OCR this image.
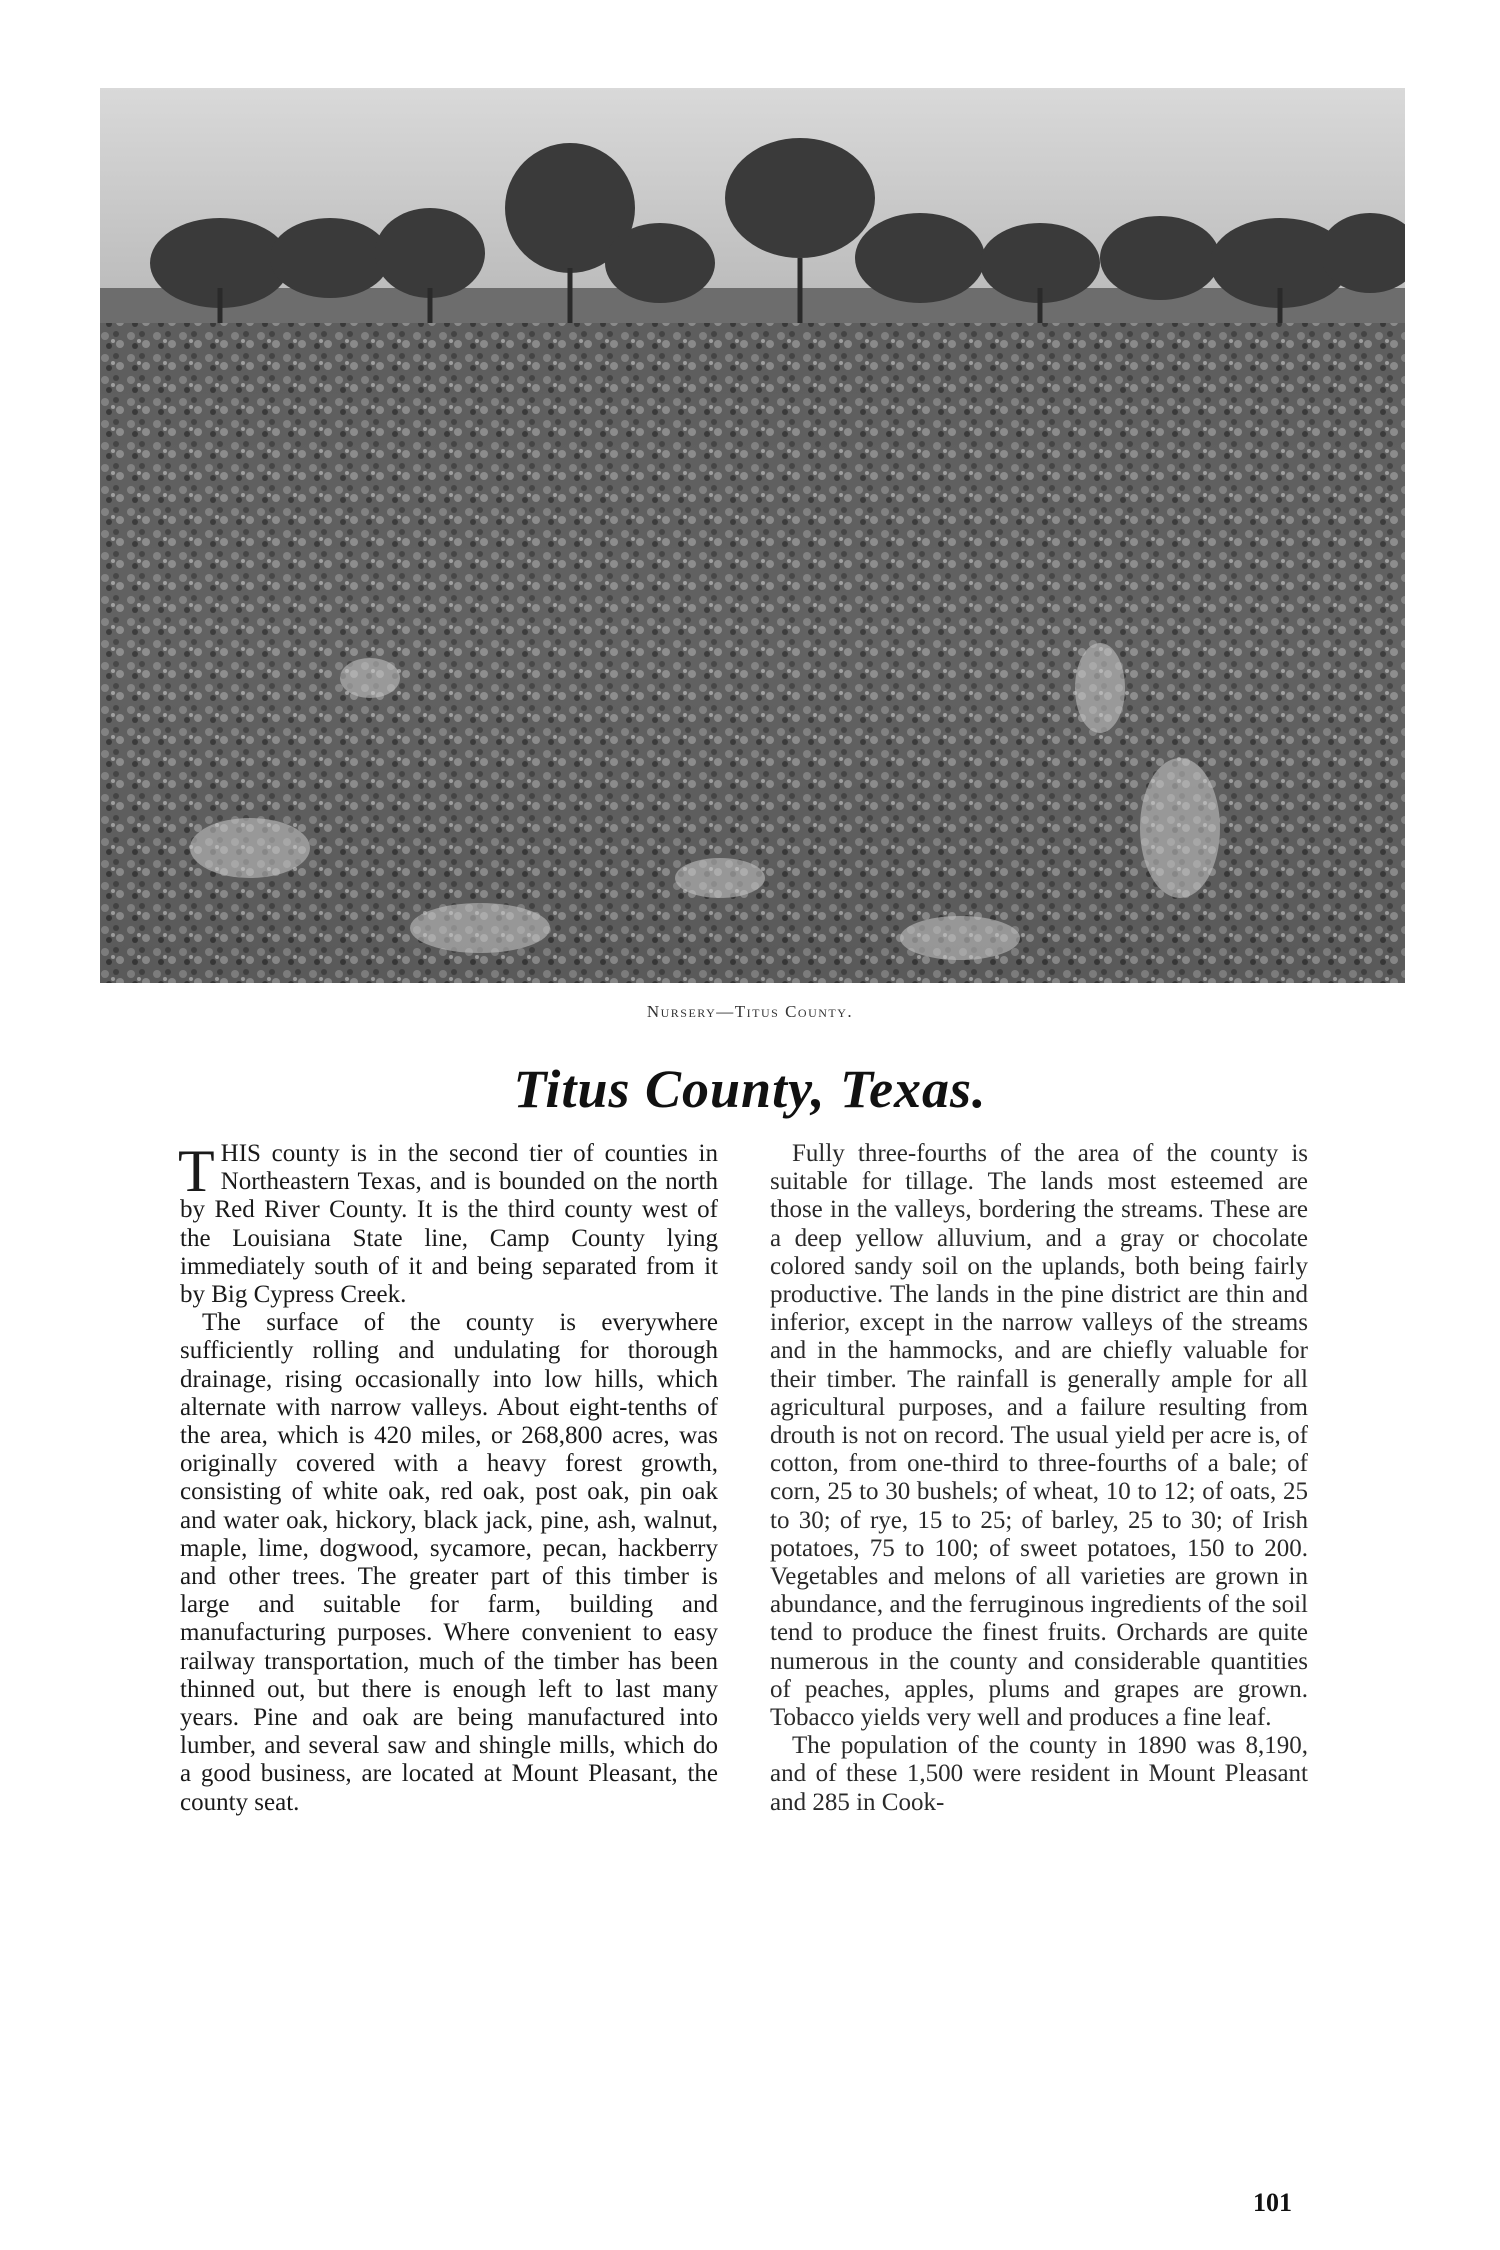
Nursery—Titus County.
Titus County, Texas.

THIS county is in the second tier of counties in Northeastern Texas, and is bounded on the north by Red River County. It is the third county west of the Louisiana State line, Camp County lying immediately south of it and being separated from it by Big Cypress Creek.

The surface of the county is everywhere sufficiently rolling and undulating for thorough drainage, rising occasionally into low hills, which alternate with narrow valleys. About eight-tenths of the area, which is 420 miles, or 268,800 acres, was originally covered with a heavy forest growth, consisting of white oak, red oak, post oak, pin oak and water oak, hickory, black jack, pine, ash, walnut, maple, lime, dogwood, sycamore, pecan, hackberry and other trees. The greater part of this timber is large and suitable for farm, building and manufacturing purposes. Where convenient to easy railway transportation, much of the timber has been thinned out, but there is enough left to last many years. Pine and oak are being manufactured into lumber, and several saw and shingle mills, which do a good business, are located at Mount Pleasant, the county seat.

Fully three-fourths of the area of the county is suitable for tillage. The lands most esteemed are those in the valleys, bordering the streams. These are a deep yellow alluvium, and a gray or chocolate colored sandy soil on the uplands, both being fairly productive. The lands in the pine district are thin and inferior, except in the narrow valleys of the streams and in the hammocks, and are chiefly valuable for their timber. The rainfall is generally ample for all agricultural purposes, and a failure resulting from drouth is not on record. The usual yield per acre is, of cotton, from one-third to three-fourths of a bale; of corn, 25 to 30 bushels; of wheat, 10 to 12; of oats, 25 to 30; of rye, 15 to 25; of barley, 25 to 30; of Irish potatoes, 75 to 100; of sweet potatoes, 150 to 200. Vegetables and melons of all varieties are grown in abundance, and the ferruginous ingredients of the soil tend to produce the finest fruits. Orchards are quite numerous in the county and considerable quantities of peaches, apples, plums and grapes are grown. Tobacco yields very well and produces a fine leaf.

The population of the county in 1890 was 8,190, and of these 1,500 were resident in Mount Pleasant and 285 in Cook-

101
